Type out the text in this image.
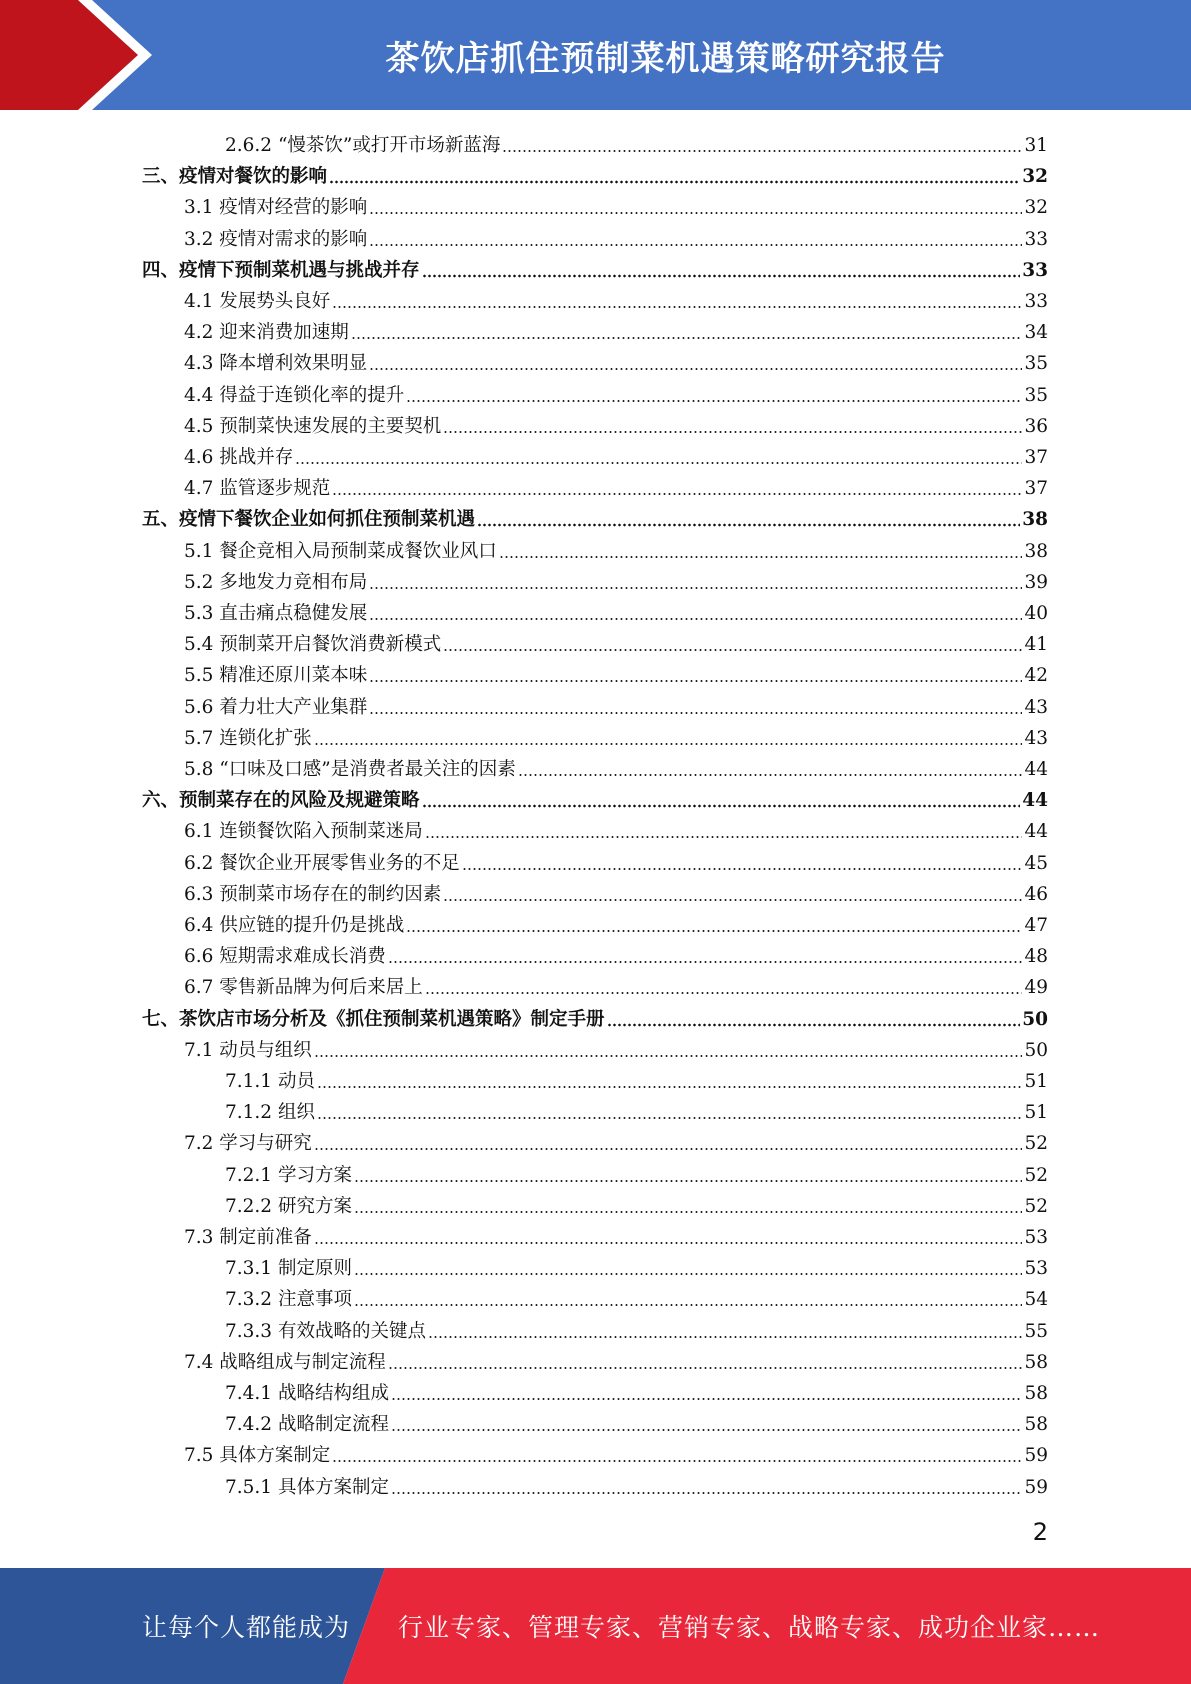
茶饮店抓住预制菜机遇策略研究报告
2.6.2 “慢茶饮”或打开市场新蓝海	31
三、疫情对餐饮的影响	32
3.1 疫情对经营的影响	32
3.2 疫情对需求的影响	33
四、疫情下预制菜机遇与挑战并存	33
4.1 发展势头良好	33
4.2 迎来消费加速期	34
4.3 降本增利效果明显	35
4.4 得益于连锁化率的提升	35
4.5 预制菜快速发展的主要契机	36
4.6 挑战并存	37
4.7 监管逐步规范	37
五、疫情下餐饮企业如何抓住预制菜机遇	38
5.1 餐企竞相入局预制菜成餐饮业风口	38
5.2 多地发力竞相布局	39
5.3 直击痛点稳健发展	40
5.4 预制菜开启餐饮消费新模式	41
5.5 精准还原川菜本味	42
5.6 着力壮大产业集群	43
5.7 连锁化扩张	43
5.8 “口味及口感”是消费者最关注的因素	44
六、预制菜存在的风险及规避策略	44
6.1 连锁餐饮陷入预制菜迷局	44
6.2 餐饮企业开展零售业务的不足	45
6.3 预制菜市场存在的制约因素	46
6.4 供应链的提升仍是挑战	47
6.6 短期需求难成长消费	48
6.7 零售新品牌为何后来居上	49
七、茶饮店市场分析及《抓住预制菜机遇策略》制定手册	50
7.1 动员与组织	50
7.1.1 动员	51
7.1.2 组织	51
7.2 学习与研究	52
7.2.1 学习方案	52
7.2.2 研究方案	52
7.3 制定前准备	53
7.3.1 制定原则	53
7.3.2 注意事项	54
7.3.3 有效战略的关键点	55
7.4 战略组成与制定流程	58
7.4.1 战略结构组成	58
7.4.2 战略制定流程	58
7.5 具体方案制定	59
7.5.1 具体方案制定	59
2
让每个人都能成为 行业专家、管理专家、营销专家、战略专家、成功企业家……
